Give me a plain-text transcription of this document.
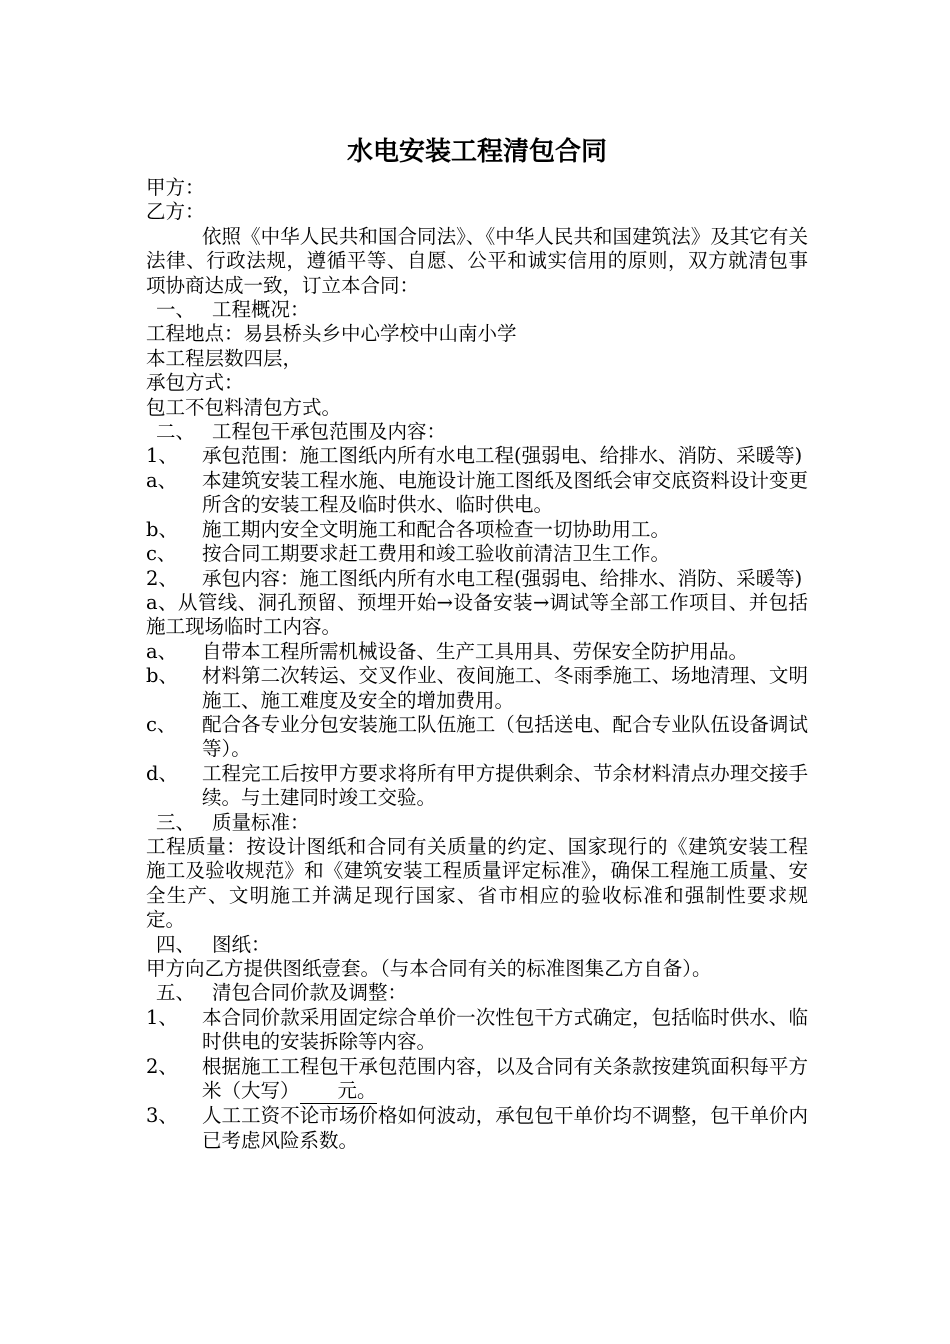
水电安装工程清包合同

甲方：

乙方：

依照《中华人民共和国合同法》、《中华人民共和国建筑法》及其它有关法律、行政法规，遵循平等、自愿、公平和诚实信用的原则，双方就清包事项协商达成一致，订立本合同：

一、 工程概况：

工程地点：易县桥头乡中心学校中山南小学

本工程层数四层，

承包方式：

包工不包料清包方式。

二、 工程包干承包范围及内容：

1、 承包范围：施工图纸内所有水电工程(强弱电、给排水、消防、采暖等)
a、 本建筑安装工程水施、电施设计施工图纸及图纸会审交底资料设计变更所含的安装工程及临时供水、临时供电。
b、 施工期内安全文明施工和配合各项检查一切协助用工。
c、 按合同工期要求赶工费用和竣工验收前清洁卫生工作。
2、 承包内容：施工图纸内所有水电工程(强弱电、给排水、消防、采暖等)

a、从管线、洞孔预留、预埋开始→设备安装→调试等全部工作项目、并包括施工现场临时工内容。

a、 自带本工程所需机械设备、生产工具用具、劳保安全防护用品。
b、 材料第二次转运、交叉作业、夜间施工、冬雨季施工、场地清理、文明施工、施工难度及安全的增加费用。
c、 配合各专业分包安装施工队伍施工（包括送电、配合专业队伍设备调试等）。
d、 工程完工后按甲方要求将所有甲方提供剩余、节余材料清点办理交接手续。与土建同时竣工交验。

三、 质量标准：

工程质量：按设计图纸和合同有关质量的约定、国家现行的《建筑安装工程施工及验收规范》和《建筑安装工程质量评定标准》，确保工程施工质量、安全生产、文明施工并满足现行国家、省市相应的验收标准和强制性要求规定。

四、 图纸：

甲方向乙方提供图纸壹套。（与本合同有关的标准图集乙方自备）。

五、 清包合同价款及调整：

1、 本合同价款采用固定综合单价一次性包干方式确定，包括临时供水、临时供电的安装拆除等内容。
2、 根据施工工程包干承包范围内容，以及合同有关条款按建筑面积每平方米（大写） 元。
3、 人工工资不论市场价格如何波动，承包包干单价均不调整，包干单价内已考虑风险系数。
